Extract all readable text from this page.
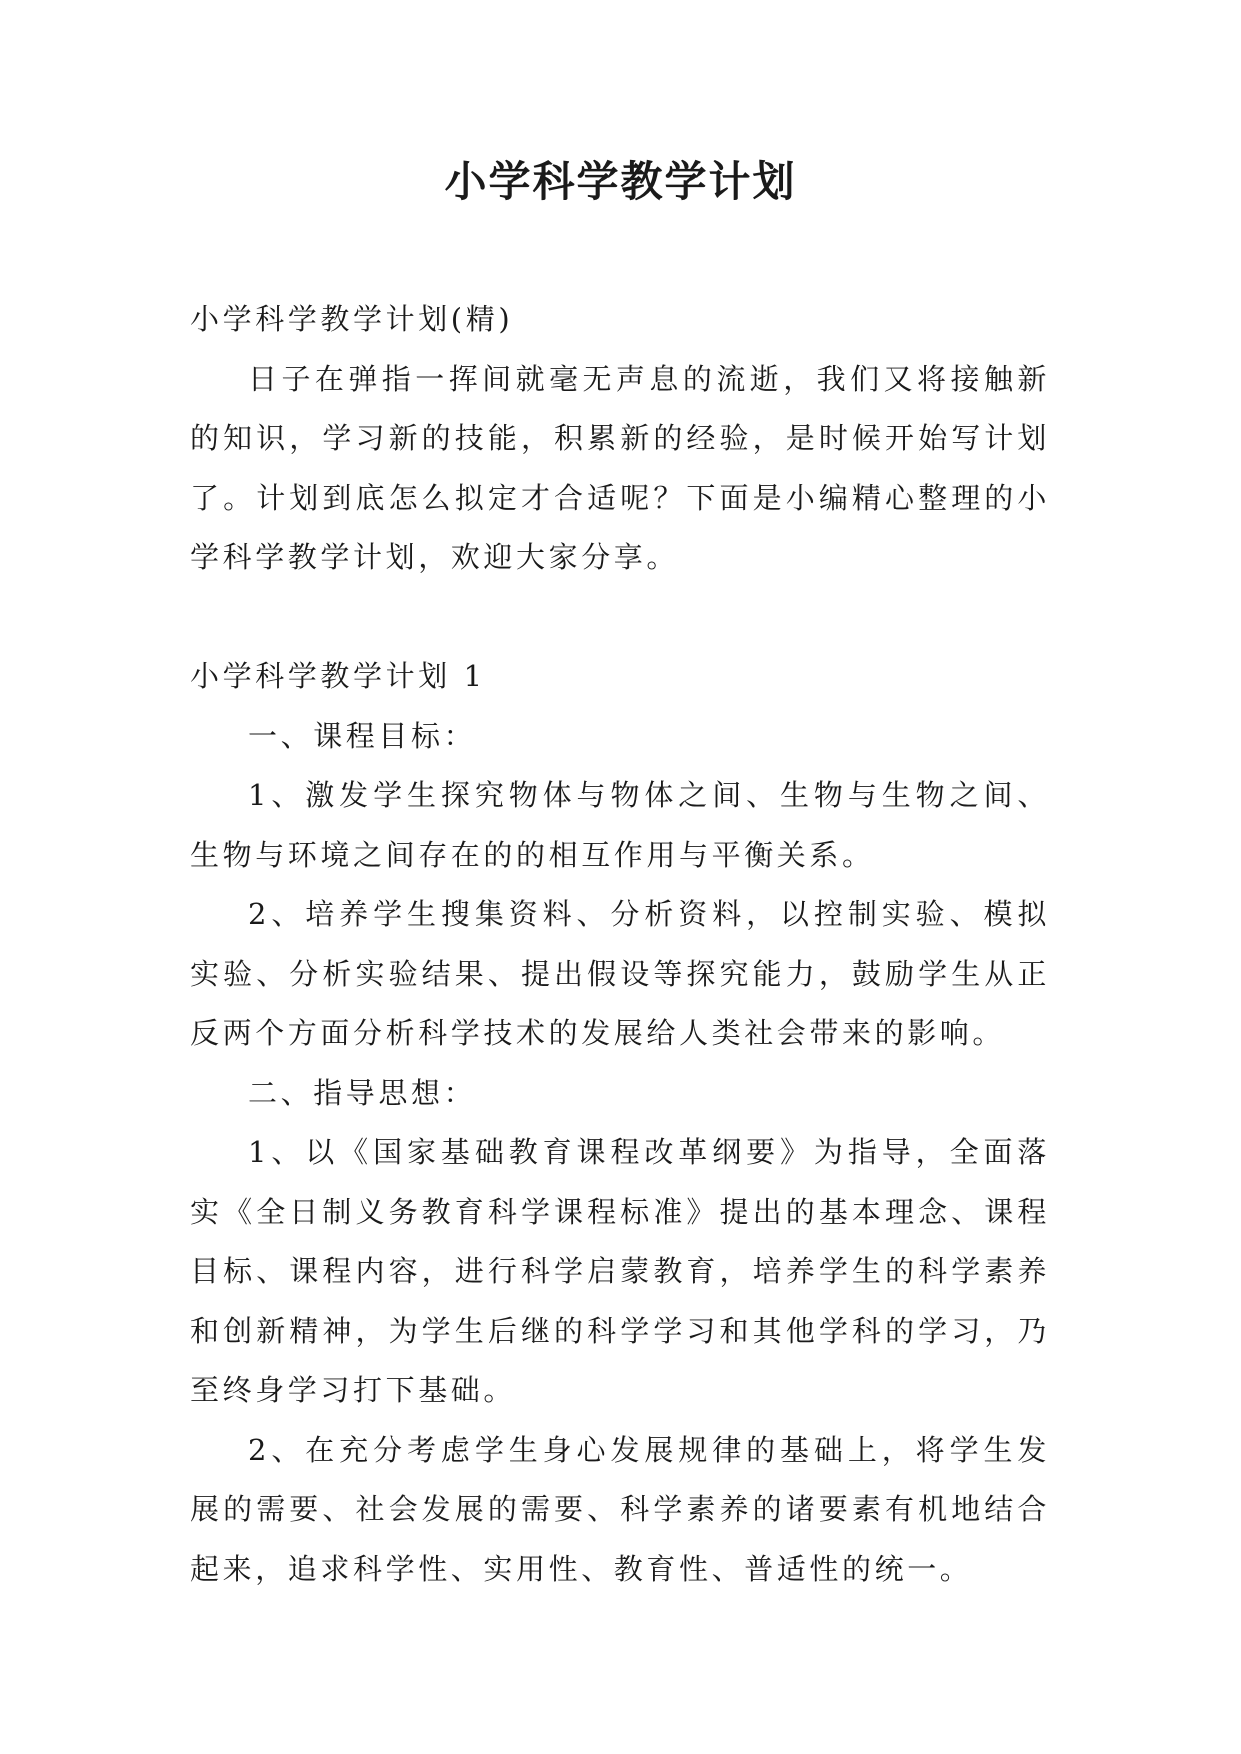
小学科学教学计划

小学科学教学计划(精)

日子在弹指一挥间就毫无声息的流逝，我们又将接触新的知识，学习新的技能，积累新的经验，是时候开始写计划了。计划到底怎么拟定才合适呢？下面是小编精心整理的小学科学教学计划，欢迎大家分享。

小学科学教学计划 1

一、课程目标：

1、激发学生探究物体与物体之间、生物与生物之间、生物与环境之间存在的的相互作用与平衡关系。

2、培养学生搜集资料、分析资料，以控制实验、模拟实验、分析实验结果、提出假设等探究能力，鼓励学生从正反两个方面分析科学技术的发展给人类社会带来的影响。

二、指导思想：

1、以《国家基础教育课程改革纲要》为指导，全面落实《全日制义务教育科学课程标准》提出的基本理念、课程目标、课程内容，进行科学启蒙教育，培养学生的科学素养和创新精神，为学生后继的科学学习和其他学科的学习，乃至终身学习打下基础。

2、在充分考虑学生身心发展规律的基础上，将学生发展的需要、社会发展的需要、科学素养的诸要素有机地结合起来，追求科学性、实用性、教育性、普适性的统一。
